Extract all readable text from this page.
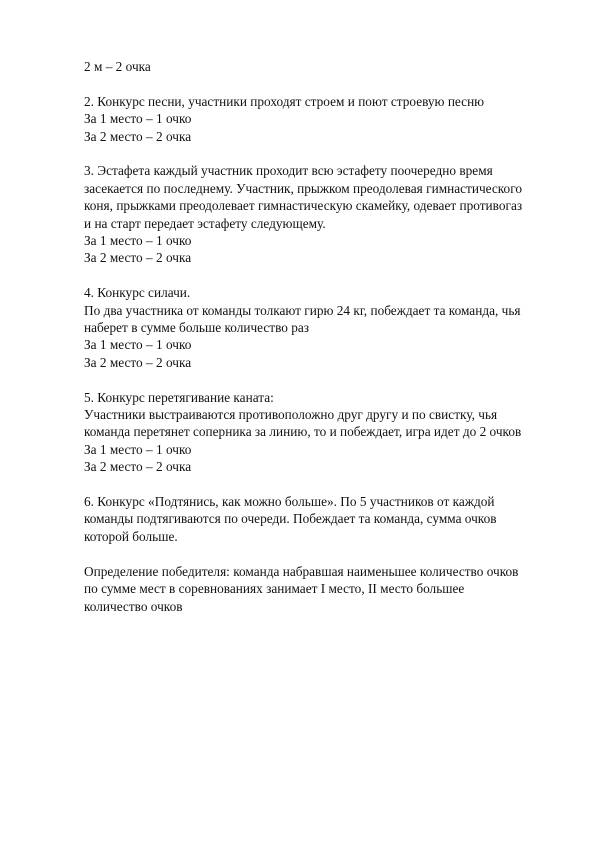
2 м – 2 очка
2. Конкурс песни, участники проходят строем и поют строевую песню
За 1 место – 1 очко
За 2 место – 2 очка
3. Эстафета каждый участник проходит всю эстафету поочередно время
засекается по последнему. Участник, прыжком преодолевая гимнастического
коня, прыжками преодолевает гимнастическую скамейку, одевает противогаз
и на старт передает эстафету следующему.
За 1 место – 1 очко
За 2 место – 2 очка
4. Конкурс силачи.
По два участника от команды толкают гирю 24 кг, побеждает та команда, чья
наберет в сумме больше количество раз
За 1 место – 1 очко
За 2 место – 2 очка
5. Конкурс перетягивание каната:
Участники выстраиваются противоположно друг другу и по свистку, чья
команда перетянет соперника за линию, то и побеждает, игра идет до 2 очков
За 1 место – 1 очко
За 2 место – 2 очка
6. Конкурс «Подтянись, как можно больше». По 5 участников от каждой
команды подтягиваются по очереди. Побеждает та команда, сумма очков
которой больше.
Определение победителя: команда набравшая наименьшее количество очков
по сумме мест в соревнованиях занимает I место, II место большее
количество очков
